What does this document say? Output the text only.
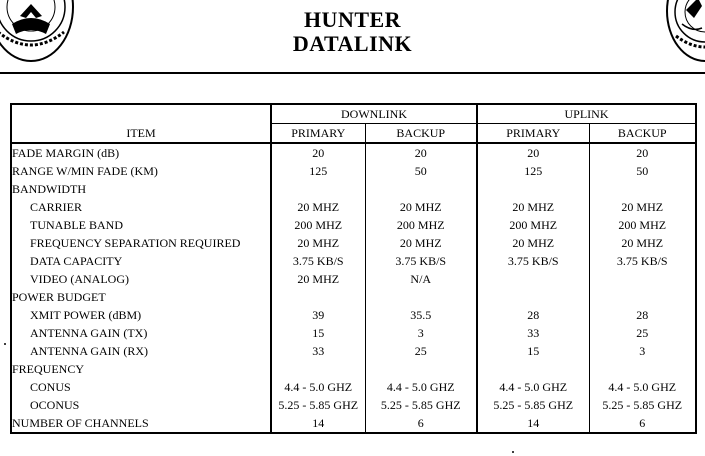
HUNTER
DATALINK
	DOWNLINK		UPLINK	
ITEM	PRIMARY	BACKUP	PRIMARY	BACKUP
FADE MARGIN (dB)	20	20	20	20
RANGE W/MIN FADE (KM)	125	50	125	50
BANDWIDTH				
CARRIER	20 MHZ	20 MHZ	20 MHZ	20 MHZ
TUNABLE BAND	200 MHZ	200 MHZ	200 MHZ	200 MHZ
FREQUENCY SEPARATION REQUIRED	20 MHZ	20 MHZ	20 MHZ	20 MHZ
DATA CAPACITY	3.75 KB/S	3.75 KB/S	3.75 KB/S	3.75 KB/S
VIDEO (ANALOG)	20 MHZ	N/A		
POWER BUDGET				
XMIT POWER (dBM)	39	35.5	28	28
ANTENNA GAIN (TX)	15	3	33	25
ANTENNA GAIN (RX)	33	25	15	3
FREQUENCY				
CONUS	4.4 - 5.0 GHZ	4.4 - 5.0 GHZ	4.4 - 5.0 GHZ	4.4 - 5.0 GHZ
OCONUS	5.25 - 5.85 GHZ	5.25 - 5.85 GHZ	5.25 - 5.85 GHZ	5.25 - 5.85 GHZ
NUMBER OF CHANNELS	14	6	14	6
